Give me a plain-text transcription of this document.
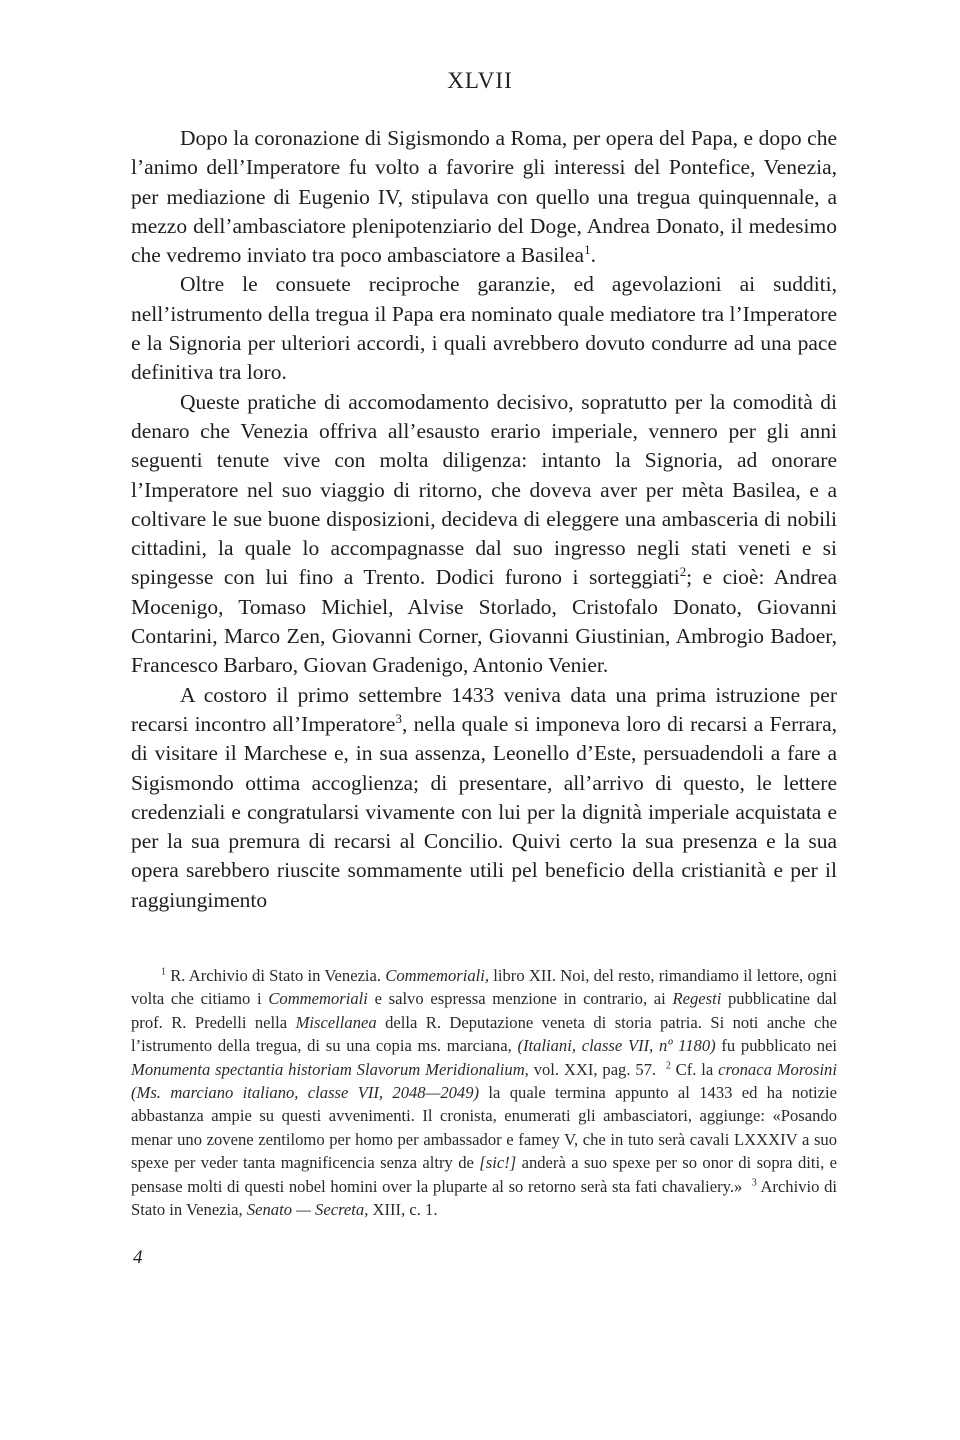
XLVII

Dopo la coronazione di Sigismondo a Roma, per opera del Papa, e dopo che l’animo dell’Imperatore fu volto a favorire gli interessi del Pontefice, Venezia, per mediazione di Eugenio IV, stipulava con quello una tregua quinquennale, a mezzo dell’ambasciatore plenipotenziario del Doge, Andrea Donato, il medesimo che vedremo inviato tra poco ambasciatore a Basilea$^1$.

Oltre le consuete reciproche garanzie, ed agevolazioni ai sudditi, nell’istrumento della tregua il Papa era nominato quale mediatore tra l’Imperatore e la Signoria per ulteriori accordi, i quali avrebbero dovuto condurre ad una pace definitiva tra loro.

Queste pratiche di accomodamento decisivo, sopratutto per la comodità di denaro che Venezia offriva all’esausto erario imperiale, vennero per gli anni seguenti tenute vive con molta diligenza: intanto la Signoria, ad onorare l’Imperatore nel suo viaggio di ritorno, che doveva aver per mèta Basilea, e a coltivare le sue buone disposizioni, decideva di eleggere una ambasceria di nobili cittadini, la quale lo accompagnasse dal suo ingresso negli stati veneti e si spingesse con lui fino a Trento. Dodici furono i sorteggiati$^2$; e cioè: Andrea Mocenigo, Tomaso Michiel, Alvise Storlado, Cristofalo Donato, Giovanni Contarini, Marco Zen, Giovanni Corner, Giovanni Giustinian, Ambrogio Badoer, Francesco Barbaro, Giovan Gradenigo, Antonio Venier.

A costoro il primo settembre 1433 veniva data una prima istruzione per recarsi incontro all’Imperatore$^3$, nella quale si imponeva loro di recarsi a Ferrara, di visitare il Marchese e, in sua assenza, Leonello d’Este, persuadendoli a fare a Sigismondo ottima accoglienza; di presentare, all’arrivo di questo, le lettere credenziali e congratularsi vivamente con lui per la dignità imperiale acquistata e per la sua premura di recarsi al Concilio. Quivi certo la sua presenza e la sua opera sarebbero riuscite sommamente utili pel beneficio della cristianità e per il raggiungimento

$^1$ R. Archivio di Stato in Venezia. Commemoriali, libro XII. Noi, del resto, rimandiamo il lettore, ogni volta che citiamo i Commemoriali e salvo espressa menzione in contrario, ai Regesti pubblicatine dal prof. R. Predelli nella Miscellanea della R. Deputazione veneta di storia patria. Si noti anche che l’istrumento della tregua, di su una copia ms. marciana, (Italiani, classe VII, nº 1180) fu pubblicato nei Monumenta spectantia historiam Slavorum Meridionalium, vol. XXI, pag. 57. $^2$ Cf. la cronaca Morosini (Ms. marciano italiano, classe VII, 2048—2049) la quale termina appunto al 1433 ed ha notizie abbastanza ampie su questi avvenimenti. Il cronista, enumerati gli ambasciatori, aggiunge: «Posando menar uno zovene zentilomo per homo per ambassador e famey V, che in tuto serà cavali LXXXIV a suo spexe per veder tanta magnificencia senza altry de [sic!] anderà a suo spexe per so onor di sopra diti, e pensase molti di questi nobel homini over la pluparte al so retorno serà sta fati chavaliery.» $^3$ Archivio di Stato in Venezia, Senato — Secreta, XIII, c. 1.

4
